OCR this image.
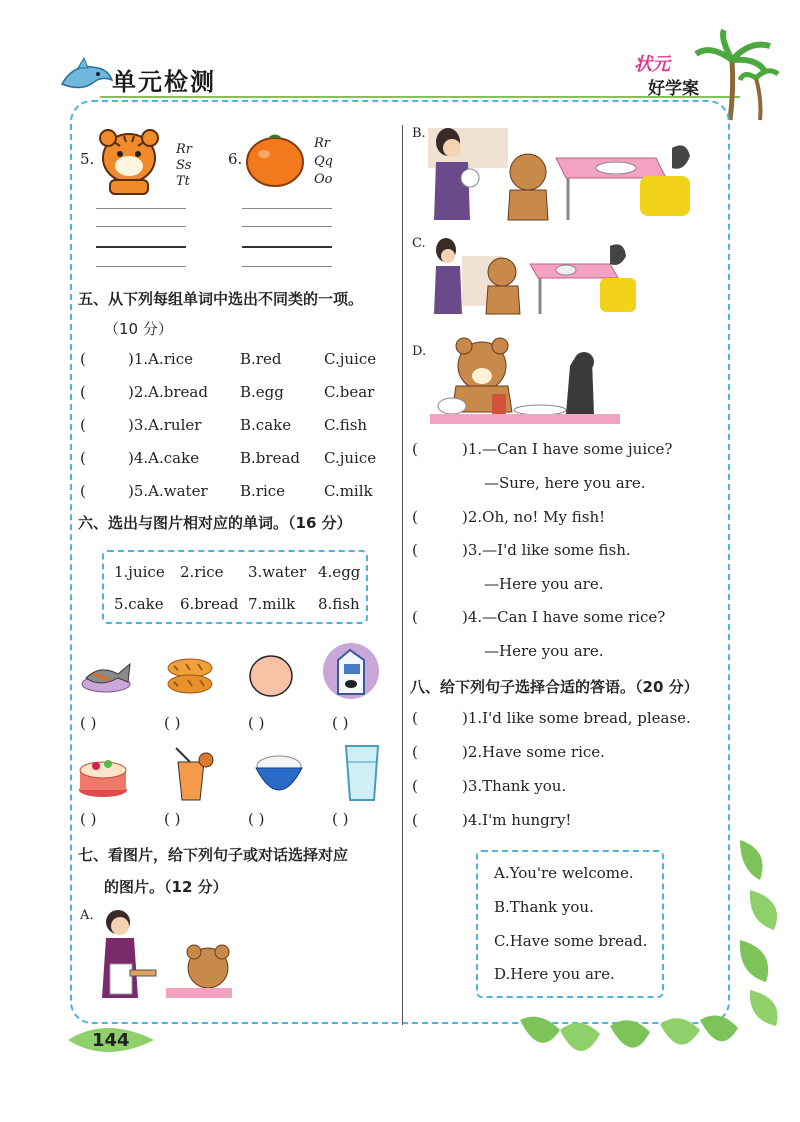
单元检测
状元
好学案
5.
Rr
Ss
Tt
6.
Rr
Qq
Oo
五、从下列每组单词中选出不同类的一项。
（10 分）
(	)1.A.rice	B.red	C.juice
(	)2.A.bread B.egg	C.bear
(	)3.A.ruler	B.cake C.fish
(	)4.A.cake	B.bread C.juice
(	)5.A.water B.rice	C.milk
六、选出与图片相对应的单词。（16 分）
1.juice 2.rice 3.water 4.egg
5.cake 6.bread 7.milk 8.fish
( )	( )	( )	( )
( )	( )	( )	( )
七、看图片，给下列句子或对话选择对应
的图片。（12 分）
A.
B.
C.
D.
(	)1.—Can I have some juice?
—Sure, here you are.
(	)2.Oh, no! My fish!
(	)3.—I'd like some fish.
—Here you are.
(	)4.—Can I have some rice?
—Here you are.
八、给下列句子选择合适的答语。（20 分）
(	)1.I'd like some bread, please.
(	)2.Have some rice.
(	)3.Thank you.
(	)4.I'm hungry!
A.You're welcome.
B.Thank you.
C.Have some bread.
D.Here you are.
144
